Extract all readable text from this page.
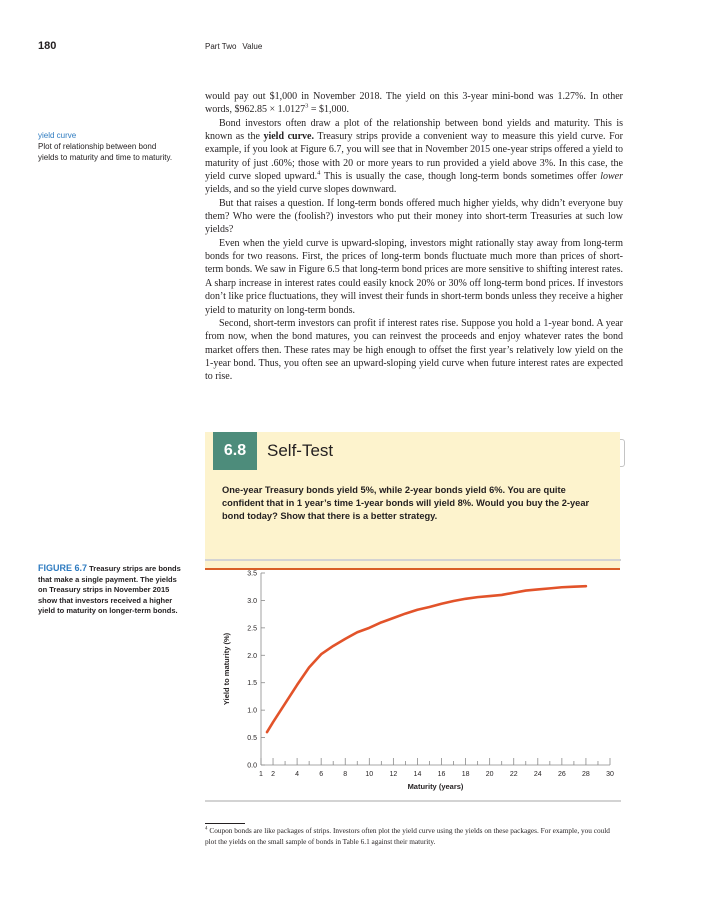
180	Part Two Value
yield curve
Plot of relationship between bond yields to maturity and time to maturity.

would pay out $1,000 in November 2018. The yield on this 3-year mini-bond was 1.27%. In other words, $962.85 × $1.0127^3$ = $1,000.

Bond investors often draw a plot of the relationship between bond yields and maturity. This is known as the yield curve. Treasury strips provide a convenient way to measure this yield curve. For example, if you look at Figure 6.7, you will see that in November 2015 one-year strips offered a yield to maturity of just .60%; those with 20 or more years to run provided a yield above 3%. In this case, the yield curve sloped upward.$^4$ This is usually the case, though long-term bonds sometimes offer lower yields, and so the yield curve slopes downward.

But that raises a question. If long-term bonds offered much higher yields, why didn’t everyone buy them? Who were the (foolish?) investors who put their money into short-term Treasuries at such low yields?

Even when the yield curve is upward-sloping, investors might rationally stay away from long-term bonds for two reasons. First, the prices of long-term bonds fluctuate much more than prices of short-term bonds. We saw in Figure 6.5 that long-term bond prices are more sensitive to shifting interest rates. A sharp increase in interest rates could easily knock 20% or 30% off long-term bond prices. If investors don’t like price fluctuations, they will invest their funds in short-term bonds unless they receive a higher yield to maturity on long-term bonds.

Second, short-term investors can profit if interest rates rise. Suppose you hold a 1-year bond. A year from now, when the bond matures, you can reinvest the proceeds and enjoy whatever rates the bond market offers then. These rates may be high enough to offset the first year’s relatively low yield on the 1-year bond. Thus, you often see an upward-sloping yield curve when future interest rates are expected to rise.

One-year Treasury bonds yield 5%, while 2-year bonds yield 6%. You are quite confident that in 1 year’s time 1-year bonds will yield 8%. Would you buy the 2-year bond today? Show that there is a better strategy.
6.8	Self-Test
FIGURE 6.7 Treasury strips are bonds that make a single payment. The yields on Treasury strips in November 2015 show that investors received a higher yield to maturity on longer-term bonds.
0.0
0.5
1.0
1.5
2.0
2.5
3.0
3.5
1 2	4	6	8	10 12 14 16 18 20 22 24 26 28 30
Maturity (years)
Yield to maturity (%)
$^4$ Coupon bonds are like packages of strips. Investors often plot the yield curve using the yields on these packages. For example, you could plot the yields on the small sample of bonds in Table 6.1 against their maturity.
